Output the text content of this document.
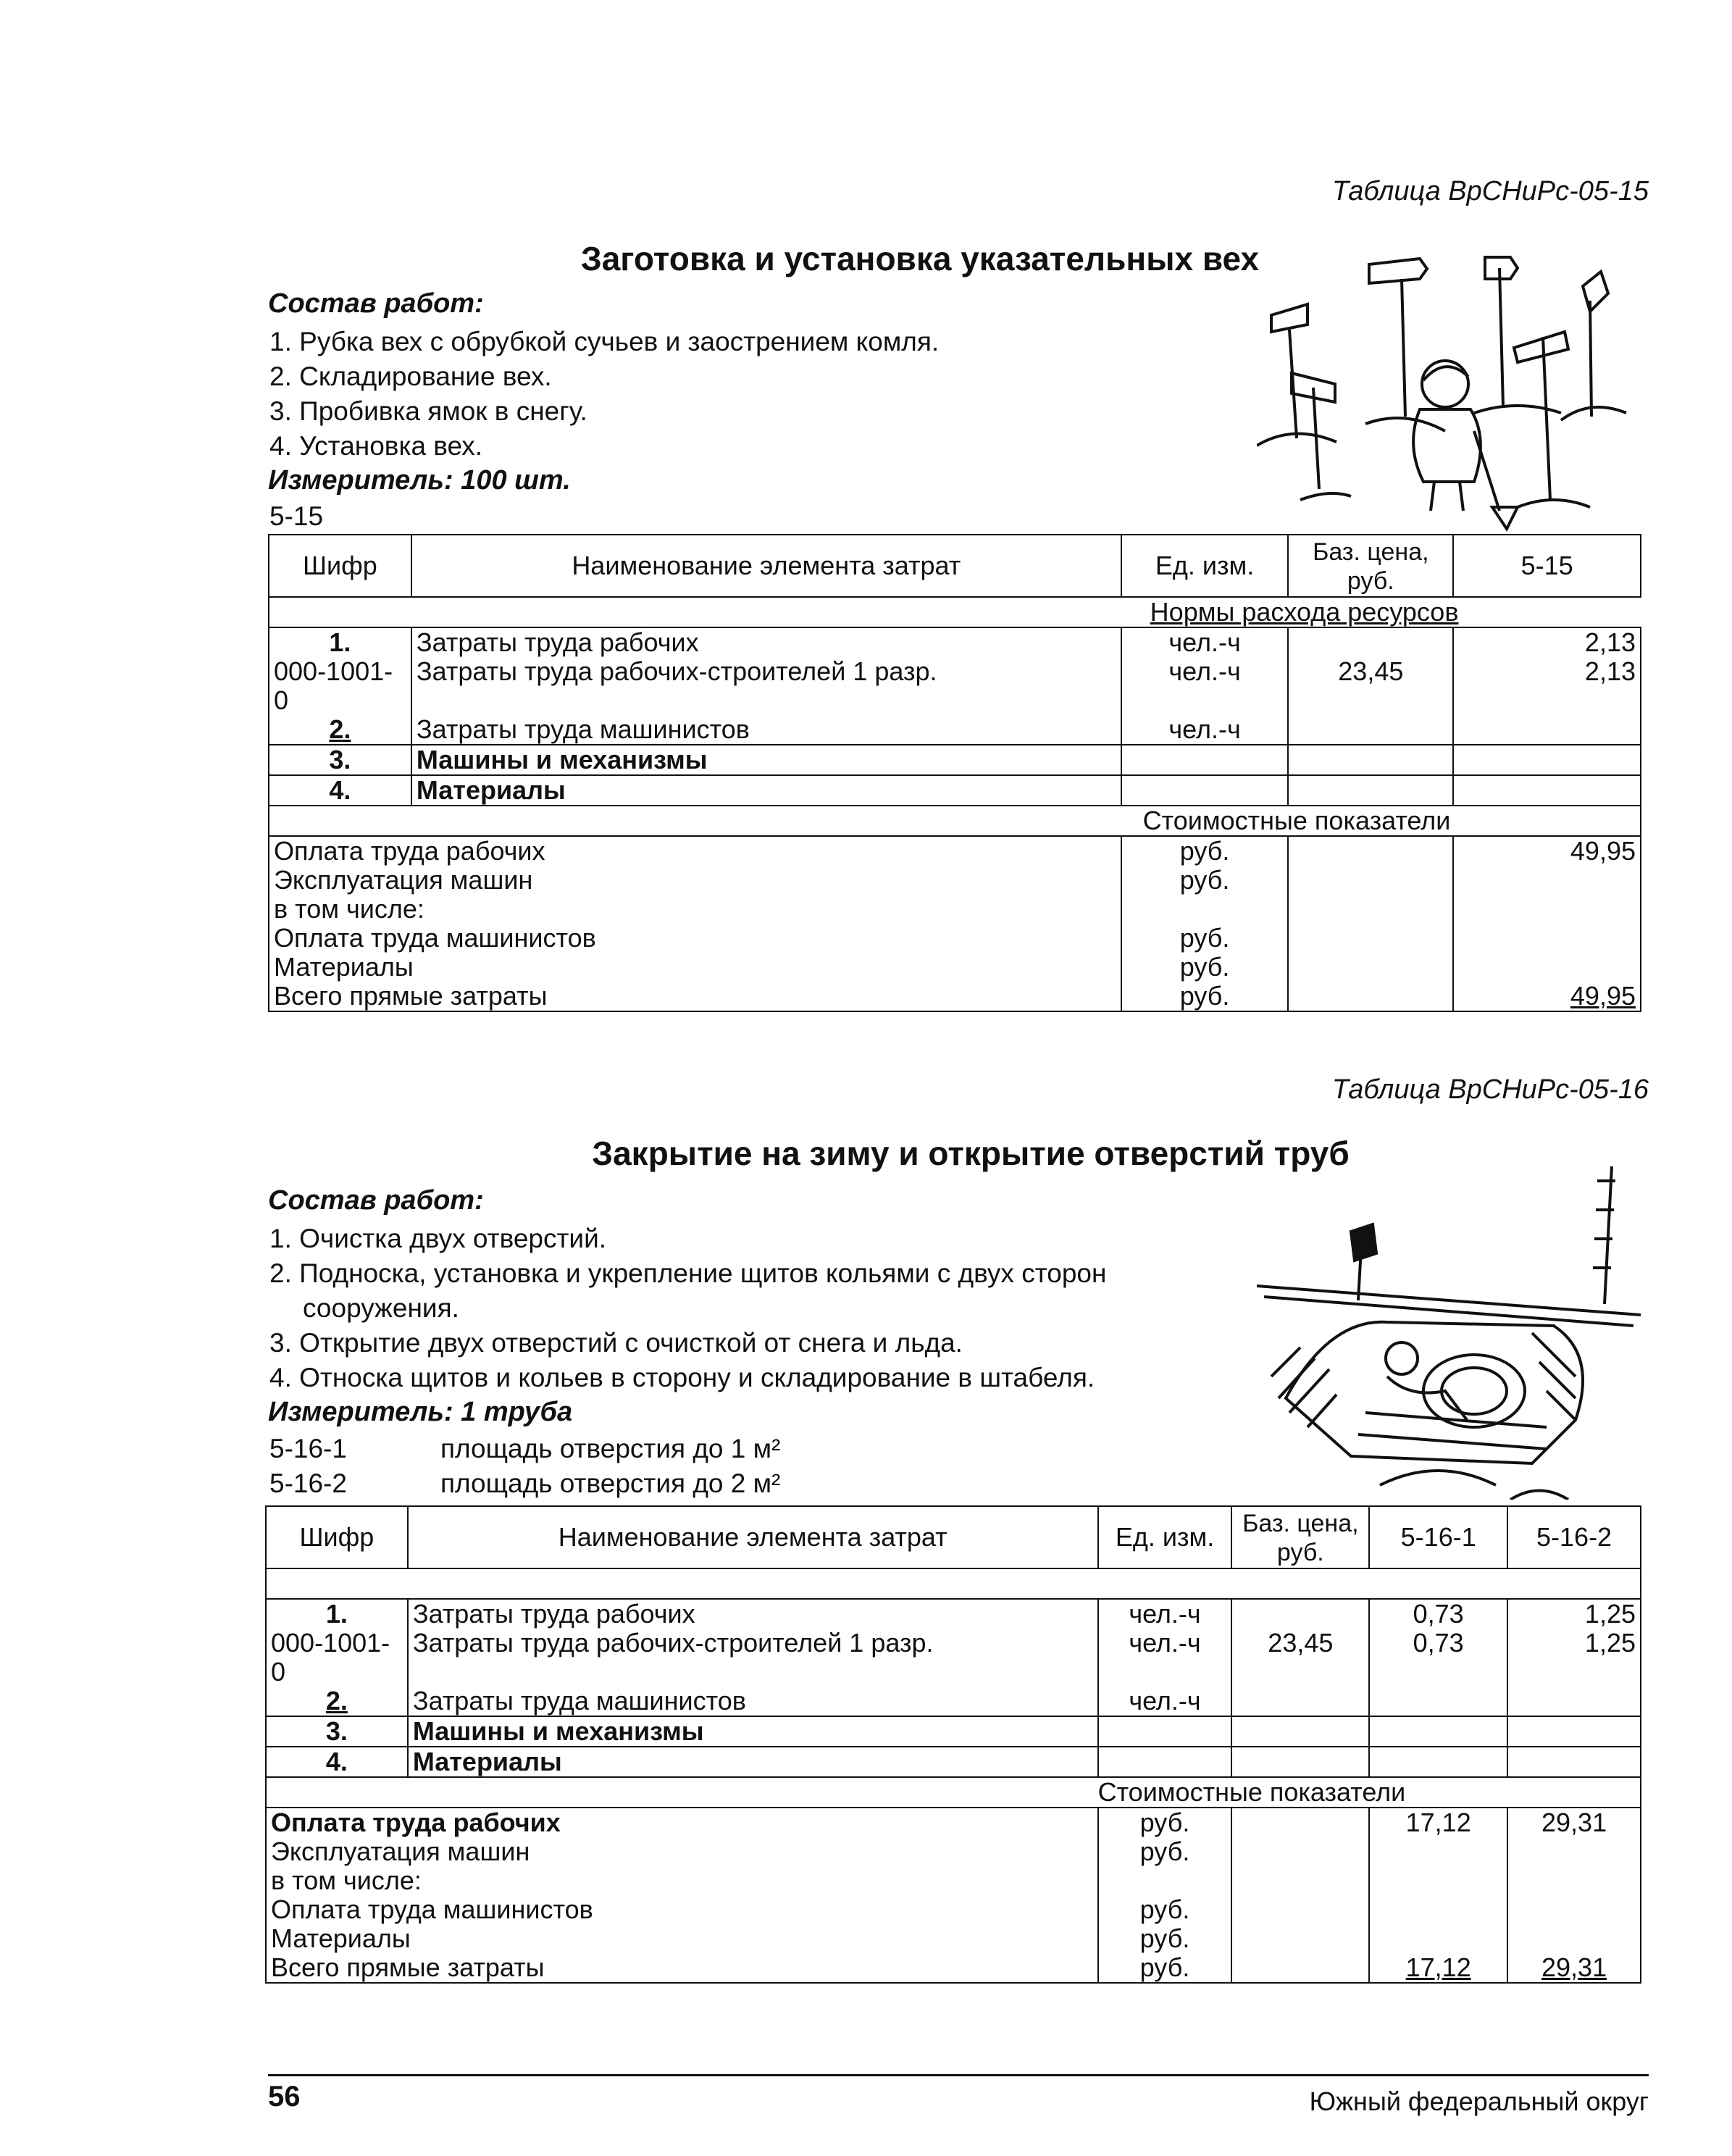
Таблица ВрСНиРс-05-15
Заготовка и установка указательных вех
Состав работ:
1. Рубка вех с обрубкой сучьев и заострением комля.
2. Складирование вех.
3. Пробивка ямок в снегу.
4. Установка вех.
Измеритель: 100 шт.
5-15
Шифр	Наименование элемента затрат	Ед. изм.	Баз. цена,
руб.	5-15
		Нормы расхода ресурсов		
1.	Затраты труда рабочих	чел.-ч		2,13
000-1001-0	Затраты труда рабочих-строителей 1 разр.	чел.-ч	23,45	2,13
2.	Затраты труда машинистов	чел.-ч		
3.	Машины и механизмы			
4.	Материалы			
		Стоимостные показатели		
Оплата труда рабочих		руб.		49,95
Эксплуатация машин		руб.		
в том числе:				
Оплата труда машинистов		руб.		
Материалы		руб.		
Всего прямые затраты		руб.		49,95
Таблица ВрСНиРс-05-16
Закрытие на зиму и открытие отверстий труб
Состав работ:
1. Очистка двух отверстий.
2. Подноска, установка и укрепление щитов кольями с двух сторон
сооружения.
3. Открытие двух отверстий с очисткой от снега и льда.
4. Относка щитов и кольев в сторону и складирование в штабеля.
Измеритель: 1 труба
5-16-1	площадь отверстия до 1 м²
5-16-2	площадь отверстия до 2 м²
Шифр	Наименование элемента затрат	Ед. изм.	Баз. цена,
руб.	5-16-1	5-16-2

1.	Затраты труда рабочих	чел.-ч		0,73	1,25
000-1001-0	Затраты труда рабочих-строителей 1 разр.	чел.-ч	23,45	0,73	1,25
2.	Затраты труда машинистов	чел.-ч			
3.	Машины и механизмы				
4.	Материалы				
		Стоимостные показатели			
Оплата труда рабочих		руб.		17,12	29,31
Эксплуатация машин		руб.			
в том числе:					
Оплата труда машинистов		руб.			
Материалы		руб.			
Всего прямые затраты		руб.		17,12	29,31
56	Южный федеральный округ
